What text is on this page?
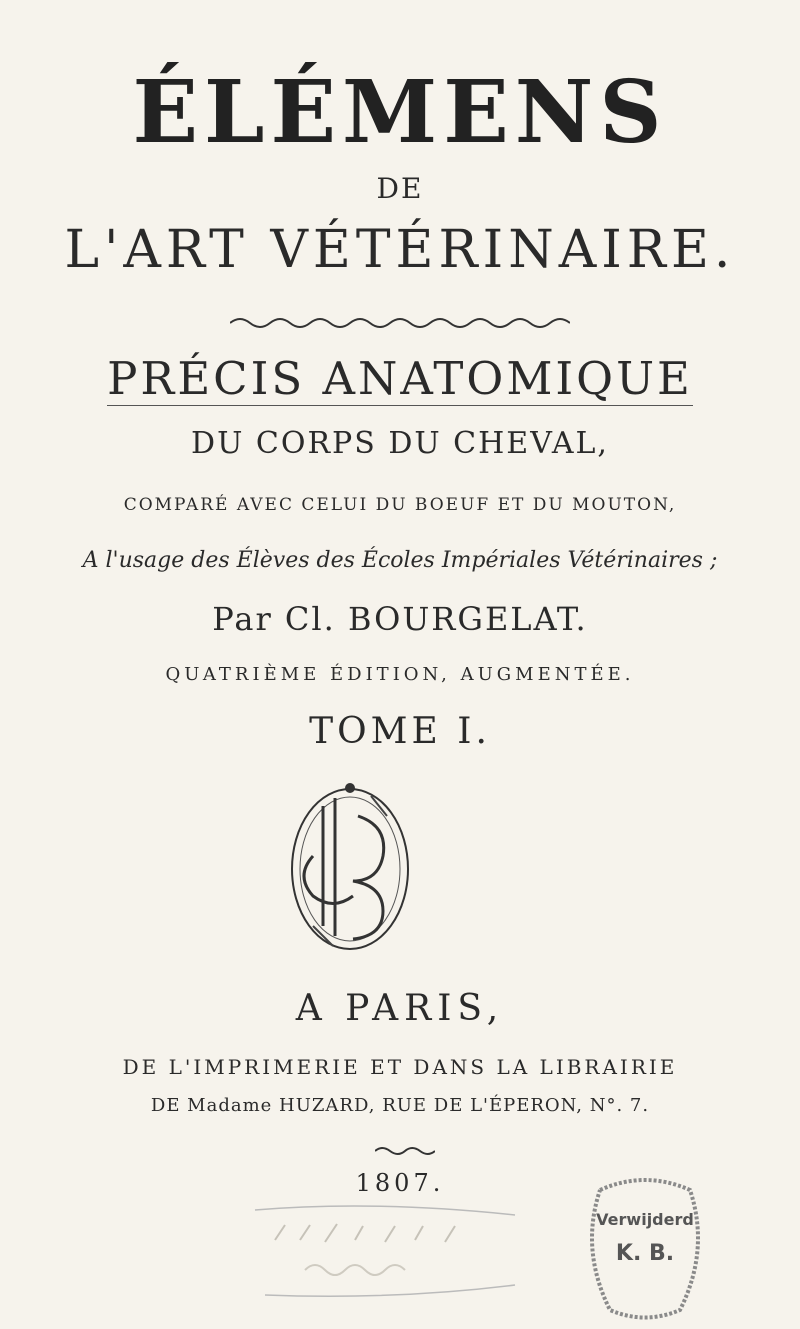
ÉLÉMENS
DE
L'ART VÉTÉRINAIRE.
PRÉCIS ANATOMIQUE
DU CORPS DU CHEVAL,
COMPARÉ AVEC CELUI DU BOEUF ET DU MOUTON,
A l'usage des Élèves des Écoles Impériales Vétérinaires ;
Par Cl. BOURGELAT.
QUATRIÈME ÉDITION, AUGMENTÉE.
TOME I.
A PARIS,
DE L'IMPRIMERIE ET DANS LA LIBRAIRIE
DE Madame HUZARD, RUE DE L'ÉPERON, N°. 7.
1807.
Verwijderd
K. B.
